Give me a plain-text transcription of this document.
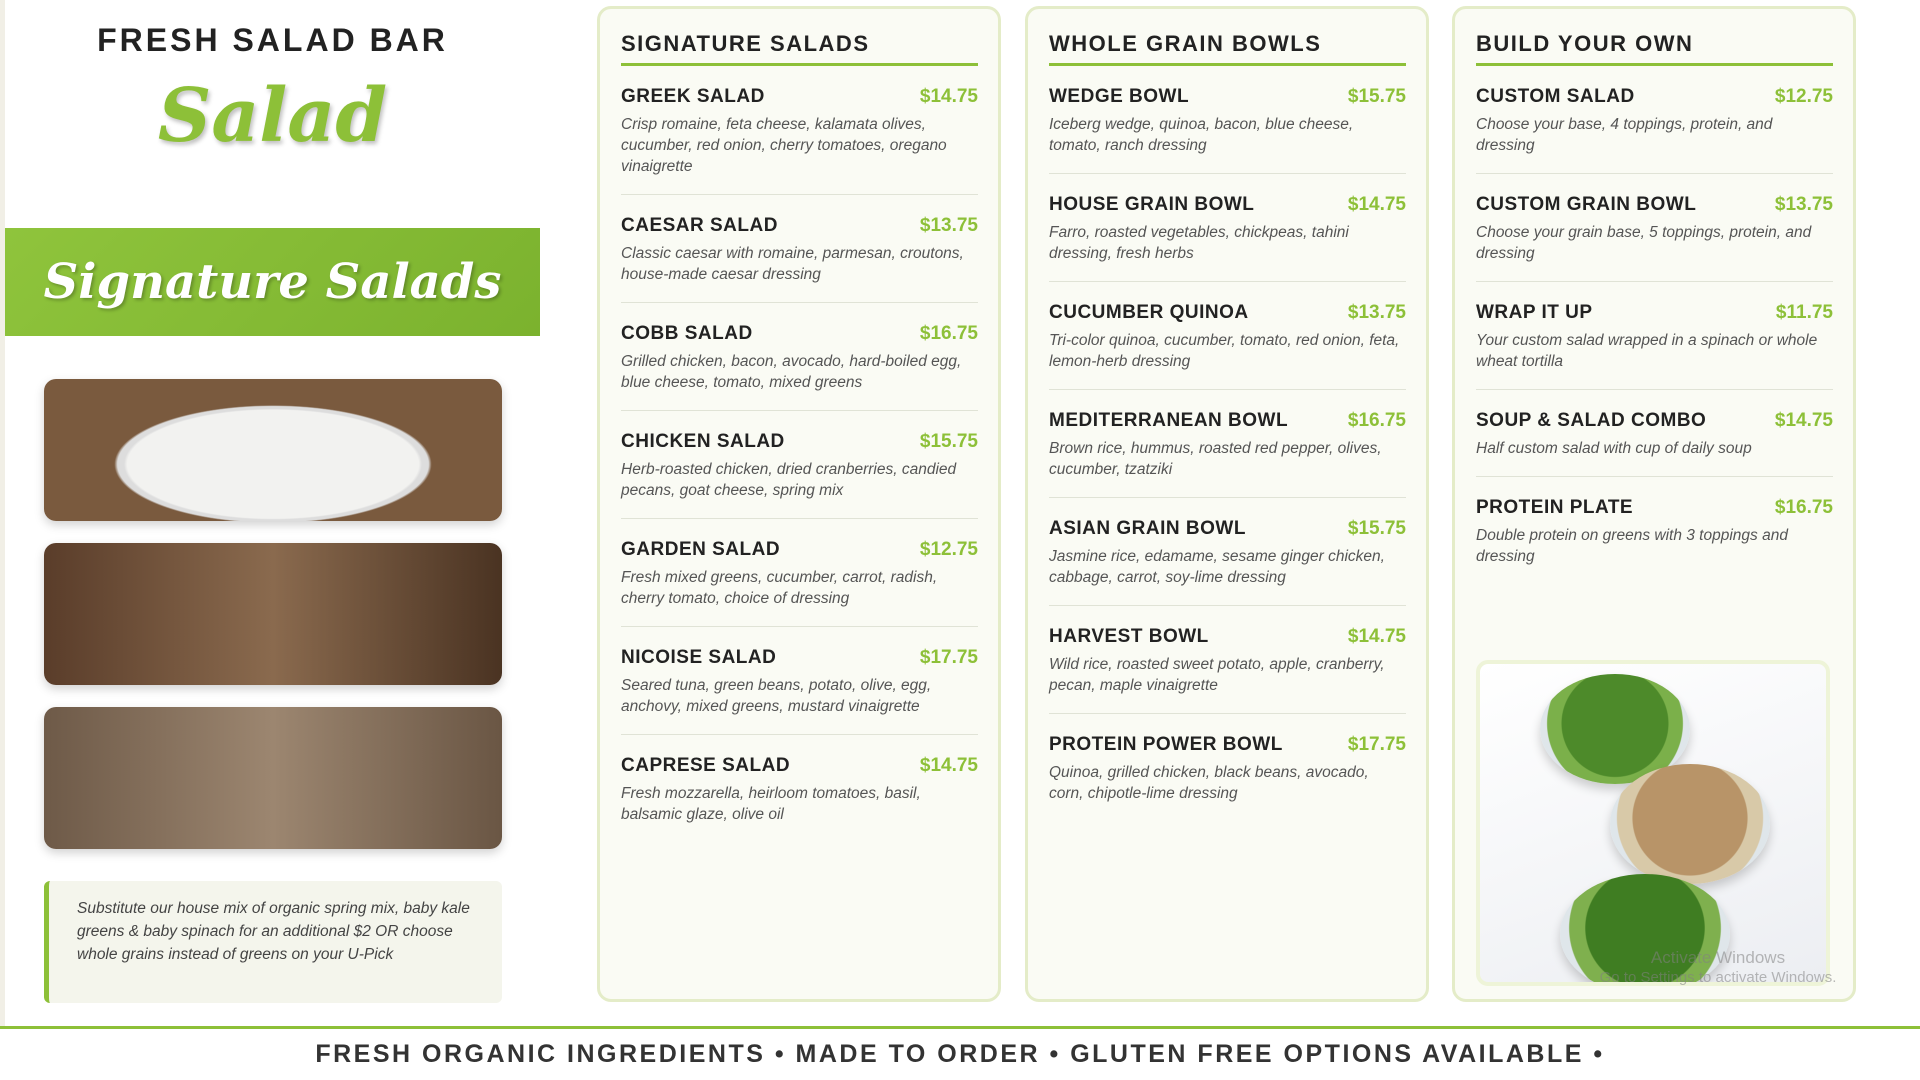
FRESH SALAD BAR
Salad
Signature Salads
Substitute our house mix of organic spring mix, baby kale greens & baby spinach for an additional $2 OR choose whole grains instead of greens on your U-Pick
SIGNATURE SALADS
GREEK SALAD	$14.75
Crisp romaine, feta cheese, kalamata olives, cucumber, red onion, cherry tomatoes, oregano vinaigrette
CAESAR SALAD	$13.75
Classic caesar with romaine, parmesan, croutons, house-made caesar dressing
COBB SALAD	$16.75
Grilled chicken, bacon, avocado, hard-boiled egg, blue cheese, tomato, mixed greens
CHICKEN SALAD	$15.75
Herb-roasted chicken, dried cranberries, candied pecans, goat cheese, spring mix
GARDEN SALAD	$12.75
Fresh mixed greens, cucumber, carrot, radish, cherry tomato, choice of dressing
NICOISE SALAD	$17.75
Seared tuna, green beans, potato, olive, egg, anchovy, mixed greens, mustard vinaigrette
CAPRESE SALAD	$14.75
Fresh mozzarella, heirloom tomatoes, basil, balsamic glaze, olive oil
WHOLE GRAIN BOWLS
WEDGE BOWL	$15.75
Iceberg wedge, quinoa, bacon, blue cheese, tomato, ranch dressing
HOUSE GRAIN BOWL	$14.75
Farro, roasted vegetables, chickpeas, tahini dressing, fresh herbs
CUCUMBER QUINOA	$13.75
Tri-color quinoa, cucumber, tomato, red onion, feta, lemon-herb dressing
MEDITERRANEAN BOWL	$16.75
Brown rice, hummus, roasted red pepper, olives, cucumber, tzatziki
ASIAN GRAIN BOWL	$15.75
Jasmine rice, edamame, sesame ginger chicken, cabbage, carrot, soy-lime dressing
HARVEST BOWL	$14.75
Wild rice, roasted sweet potato, apple, cranberry, pecan, maple vinaigrette
PROTEIN POWER BOWL	$17.75
Quinoa, grilled chicken, black beans, avocado, corn, chipotle-lime dressing
BUILD YOUR OWN
CUSTOM SALAD	$12.75
Choose your base, 4 toppings, protein, and dressing
CUSTOM GRAIN BOWL	$13.75
Choose your grain base, 5 toppings, protein, and dressing
WRAP IT UP	$11.75
Your custom salad wrapped in a spinach or whole wheat tortilla
SOUP & SALAD COMBO	$14.75
Half custom salad with cup of daily soup
PROTEIN PLATE	$16.75
Double protein on greens with 3 toppings and dressing
Activate Windows
Go to Settings to activate Windows.
FRESH ORGANIC INGREDIENTS • MADE TO ORDER • GLUTEN FREE OPTIONS AVAILABLE •
